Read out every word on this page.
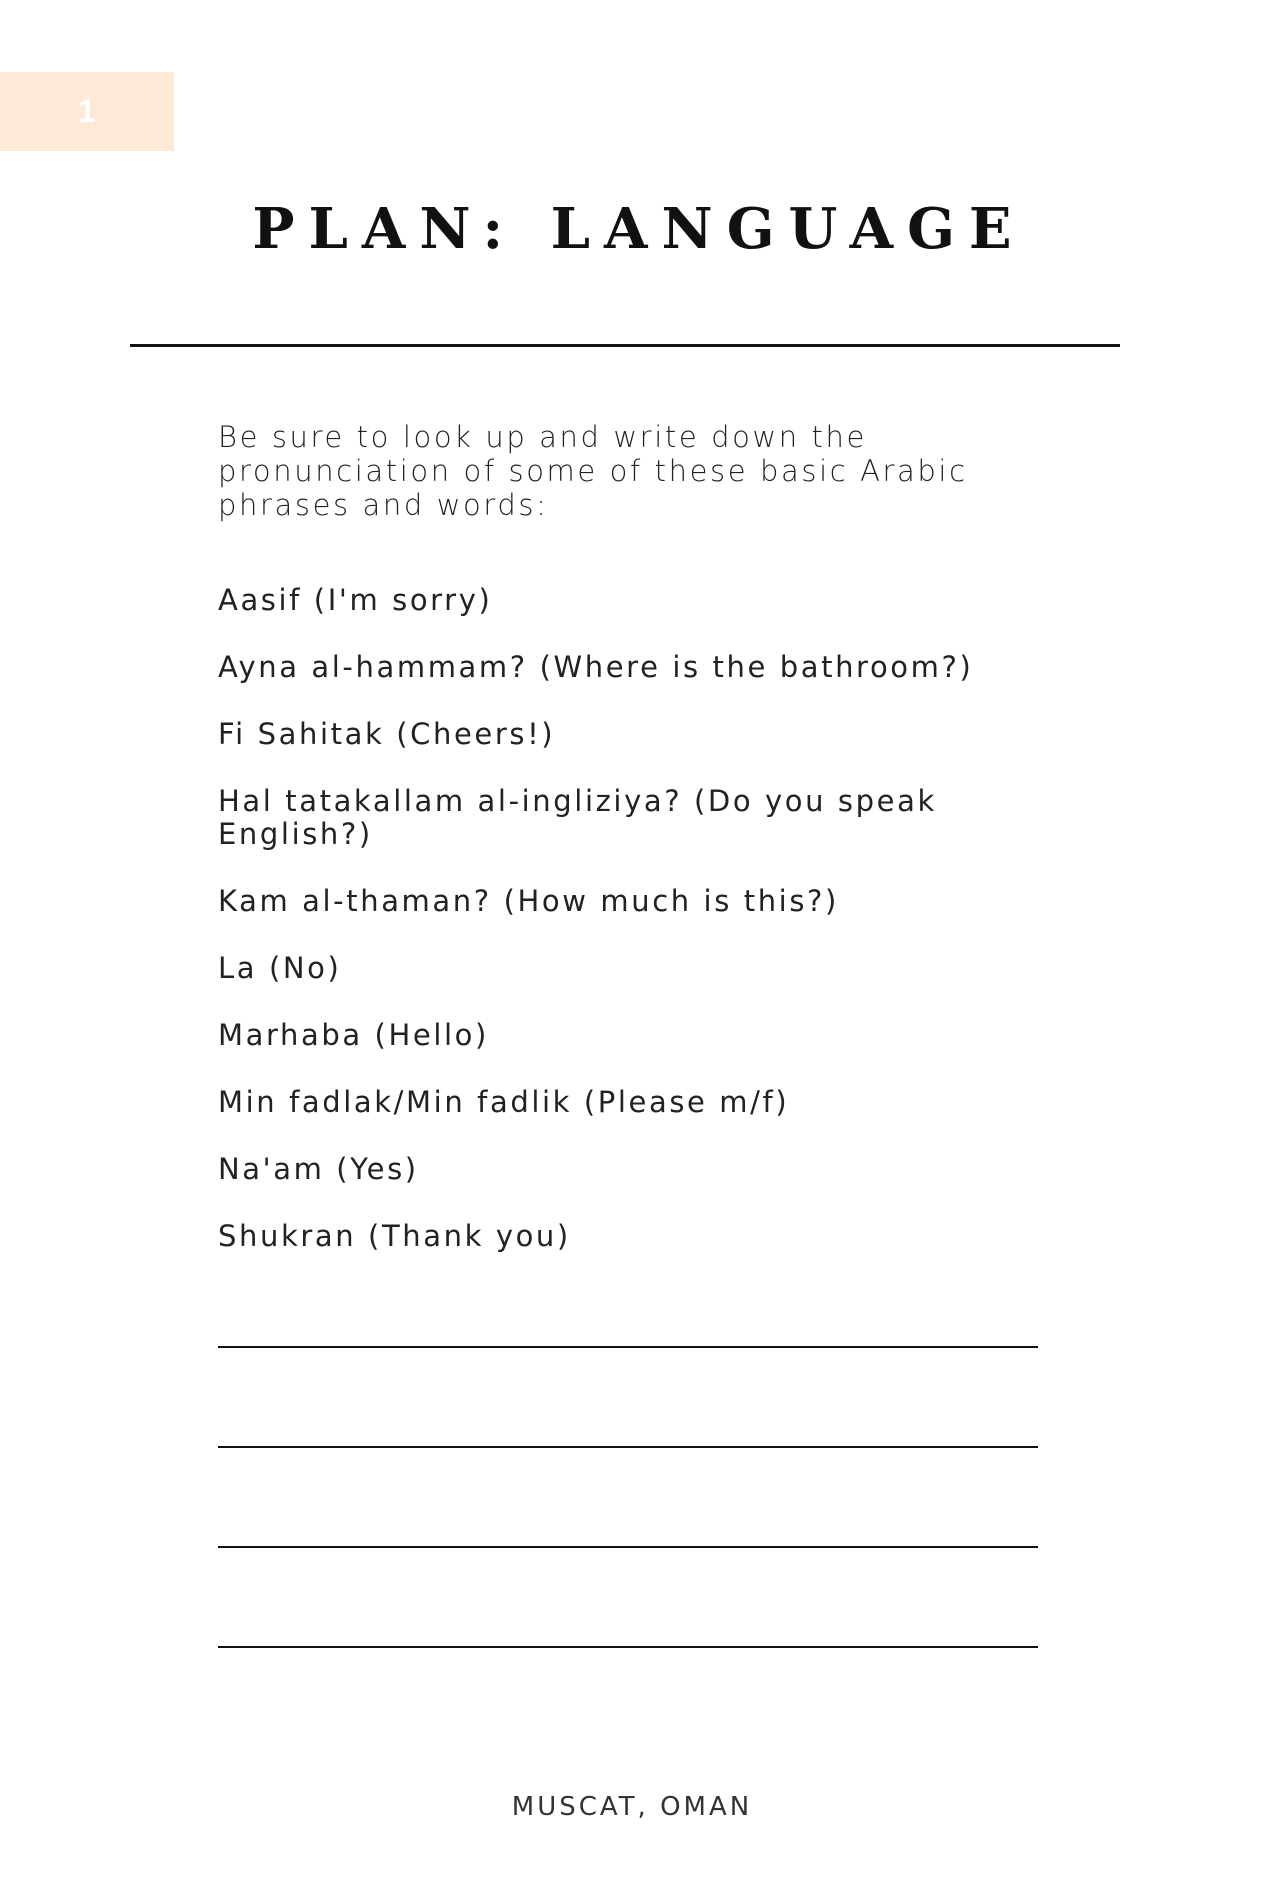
1
PLAN: LANGUAGE
Be sure to look up and write down the pronunciation of some of these basic Arabic phrases and words:
Aasif (I'm sorry)
Ayna al-hammam? (Where is the bathroom?)
Fi Sahitak (Cheers!)
Hal tatakallam al-ingliziya? (Do you speak English?)
Kam al-thaman? (How much is this?)
La (No)
Marhaba (Hello)
Min fadlak/Min fadlik (Please m/f)
Na'am (Yes)
Shukran (Thank you)
MUSCAT, OMAN
